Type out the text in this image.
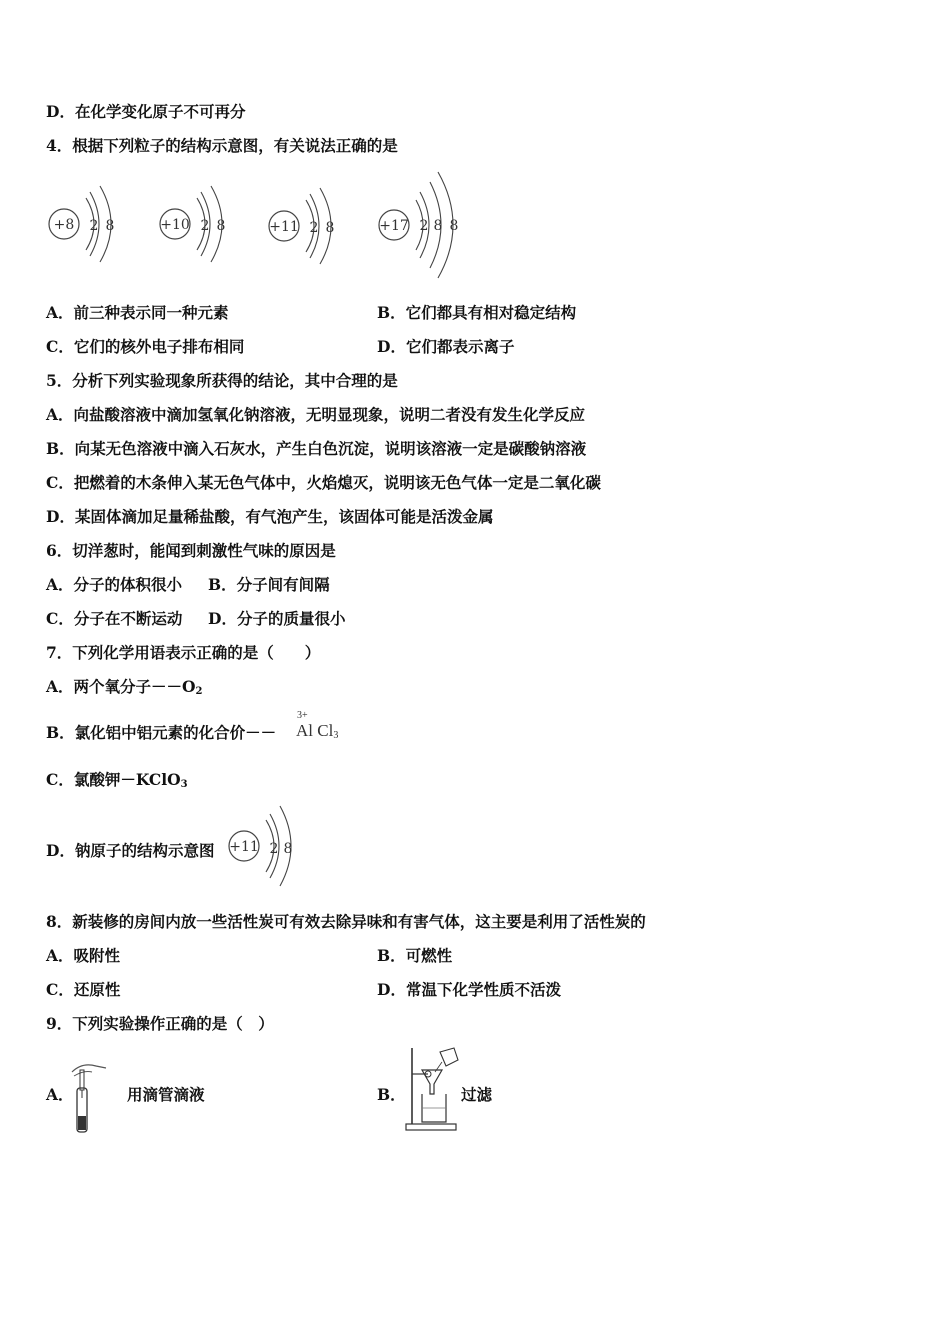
D．在化学变化原子不可再分
4．根据下列粒子的结构示意图，有关说法正确的是
+8 2 8	+10 2 8	+11 2 8	+17 2 8 8
A．前三种表示同一种元素	B．它们都具有相对稳定结构
C．它们的核外电子排布相同	D．它们都表示离子
5．分析下列实验现象所获得的结论，其中合理的是
A．向盐酸溶液中滴加氢氧化钠溶液，无明显现象，说明二者没有发生化学反应
B．向某无色溶液中滴入石灰水，产生白色沉淀，说明该溶液一定是碳酸钠溶液
C．把燃着的木条伸入某无色气体中，火焰熄灭，说明该无色气体一定是二氧化碳
D．某固体滴加足量稀盐酸，有气泡产生，该固体可能是活泼金属
6．切洋葱时，能闻到刺激性气味的原因是
A．分子的体积很小 B．分子间有间隔
C．分子在不断运动 D．分子的质量很小
7．下列化学用语表示正确的是（　　）
A．两个氧分子$--O_2$
B．氯化铝中铝元素的化合价－－
3+
Al $Cl_3$
C．氯酸钾－KClO$_3$
D．钠原子的结构示意图 +11 2 8
8．新装修的房间内放一些活性炭可有效去除异味和有害气体，这主要是利用了活性炭的
A．吸附性	B．可燃性
C．还原性	D．常温下化学性质不活泼
9．下列实验操作正确的是（　）
A．	用滴管滴液	B．	过滤
